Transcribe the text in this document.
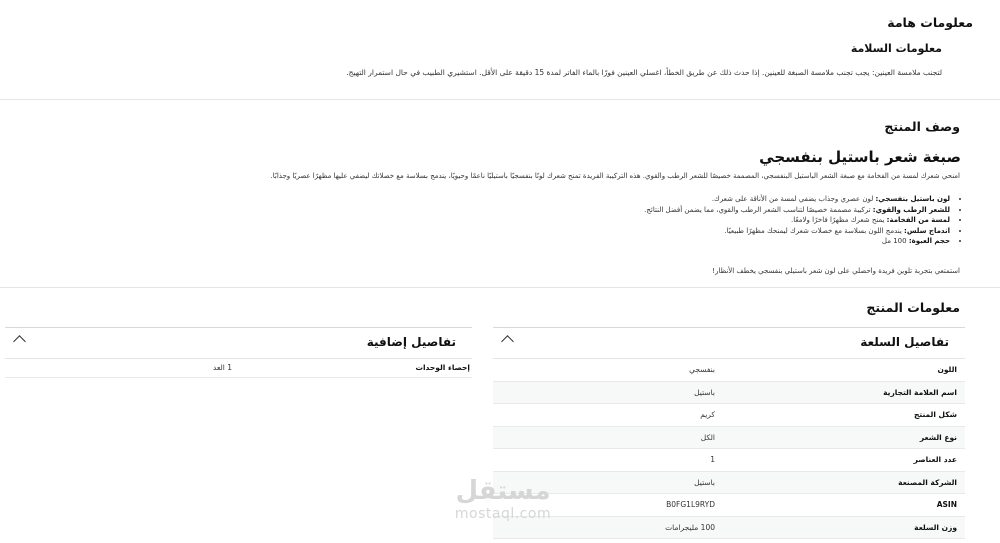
معلومات هامة
معلومات السلامة
لتجنب ملامسة العينين: يجب تجنب ملامسة الصبغة للعينين. إذا حدث ذلك عن طريق الخطأ، اغسلي العينين فورًا بالماء الفاتر لمدة 15 دقيقة على الأقل. استشيري الطبيب في حال استمرار التهيج.
وصف المنتج
صبغة شعر باستيل بنفسجي
امنحي شعرك لمسة من الفخامة مع صبغة الشعر الباستيل البنفسجي، المصممة خصيصًا للشعر الرطب والقوي. هذه التركيبة الفريدة تمنح شعرك لونًا بنفسجيًا باستيليًا ناعمًا وحيويًا، يندمج بسلاسة مع خصلاتك ليضفي عليها مظهرًا عصريًا وجذابًا.
• لون باستيل بنفسجي: لون عصري وجذاب يضفي لمسة من الأناقة على شعرك.
• للشعر الرطب والقوي: تركيبة مصممة خصيصًا لتناسب الشعر الرطب والقوي، مما يضمن أفضل النتائج.
• لمسة من الفخامة: يمنح شعرك مظهرًا فاخرًا ولامعًا.
• اندماج سلس: يندمج اللون بسلاسة مع خصلات شعرك ليمنحك مظهرًا طبيعيًا.
• حجم العبوة: 100 مل
استمتعي بتجربة تلوين فريدة واحصلي على لون شعر باستيلي بنفسجي يخطف الأنظار!
معلومات المنتج
تفاصيل السلعة
اللون
بنفسجي
اسم العلامة التجارية
باستيل
شكل المنتج
كريم
نوع الشعر
الكل
عدد العناصر
1
الشركة المصنعة
باستيل
ASIN
B0FG1L9RYD
وزن السلعة
100 مليجرامات
تفاصيل إضافية
إحصاء الوحدات
1 العد
مستقل
mostaql.com
